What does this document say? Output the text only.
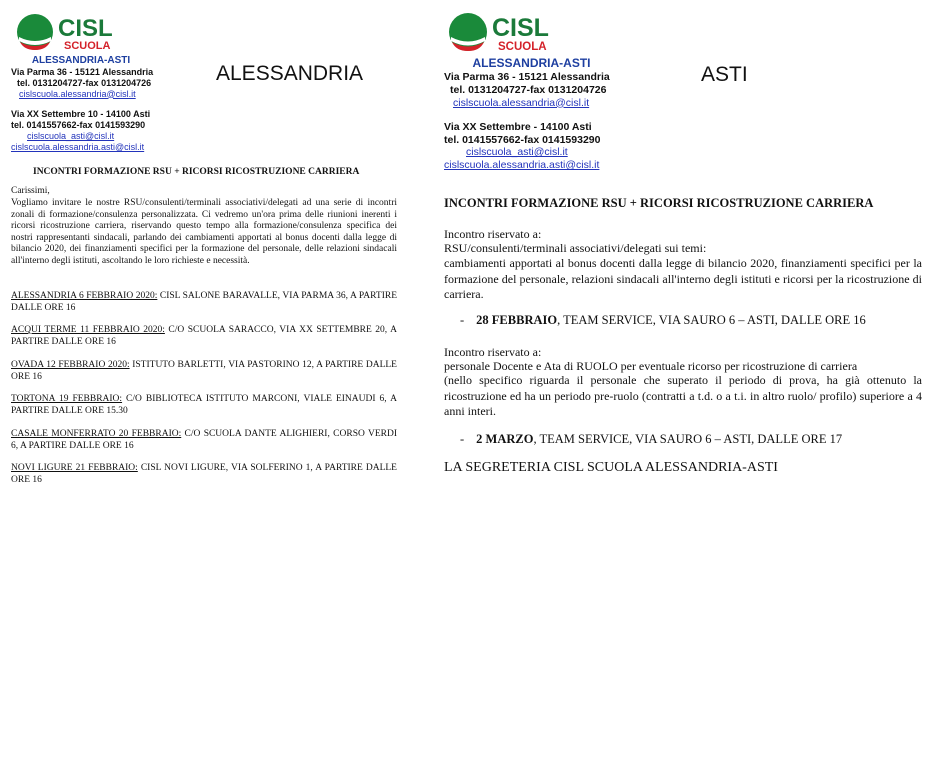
CISL
SCUOLA
ALESSANDRIA-ASTI
Via Parma 36 - 15121 Alessandria
tel. 0131204727-fax 0131204726
cislscuola.alessandria@cisl.it
Via XX Settembre 10 - 14100 Asti
tel. 0141557662-fax 0141593290
cislscuola_asti@cisl.it
cislscuola.alessandria.asti@cisl.it
ALESSANDRIA
INCONTRI FORMAZIONE RSU + RICORSI RICOSTRUZIONE CARRIERA
Carissimi,
Vogliamo invitare le nostre RSU/consulenti/terminali associativi/delegati ad una serie di incontri zonali di formazione/consulenza personalizzata. Ci vedremo un'ora prima delle riunioni inerenti i ricorsi ricostruzione carriera, riservando questo tempo alla formazione/consulenza specifica dei nostri rappresentanti sindacali, parlando dei cambiamenti apportati al bonus docenti dalla legge di bilancio 2020, dei finanziamenti specifici per la formazione del personale, delle relazioni sindacali all'interno degli istituti, ascoltando le loro richieste e necessità.
ALESSANDRIA 6 FEBBRAIO 2020: CISL SALONE BARAVALLE, VIA PARMA 36, A PARTIRE DALLE ORE 16
ACQUI TERME 11 FEBBRAIO 2020: C/O SCUOLA SARACCO, VIA XX SETTEMBRE 20, A PARTIRE DALLE ORE 16
OVADA 12 FEBBRAIO 2020: ISTITUTO BARLETTI, VIA PASTORINO 12, A PARTIRE DALLE ORE 16
TORTONA 19 FEBBRAIO: C/O BIBLIOTECA ISTITUTO MARCONI, VIALE EINAUDI 6, A PARTIRE DALLE ORE 15.30
CASALE MONFERRATO 20 FEBBRAIO: C/O SCUOLA DANTE ALIGHIERI, CORSO VERDI 6, A PARTIRE DALLE ORE 16
NOVI LIGURE 21 FEBBRAIO: CISL NOVI LIGURE, VIA SOLFERINO 1, A PARTIRE DALLE ORE 16
CISL
SCUOLA
ALESSANDRIA-ASTI
Via Parma 36 - 15121 Alessandria
tel. 0131204727-fax 0131204726
cislscuola.alessandria@cisl.it
Via XX Settembre - 14100 Asti
tel. 0141557662-fax 0141593290
cislscuola_asti@cisl.it
cislscuola.alessandria.asti@cisl.it
ASTI
INCONTRI FORMAZIONE RSU + RICORSI RICOSTRUZIONE CARRIERA
Incontro riservato a:
RSU/consulenti/terminali associativi/delegati sui temi:
cambiamenti apportati al bonus docenti dalla legge di bilancio 2020, finanziamenti specifici per la formazione del personale, relazioni sindacali all'interno degli istituti e ricorsi per la ricostruzione di carriera.
- 28 FEBBRAIO, TEAM SERVICE, VIA SAURO 6 – ASTI, DALLE ORE 16
Incontro riservato a:
personale Docente e Ata di RUOLO per eventuale ricorso per ricostruzione di carriera
(nello specifico riguarda il personale che superato il periodo di prova, ha già ottenuto la ricostruzione ed ha un periodo pre-ruolo (contratti a t.d. o a t.i. in altro ruolo/ profilo) superiore a 4 anni interi.
- 2 MARZO, TEAM SERVICE, VIA SAURO 6 – ASTI, DALLE ORE 17
LA SEGRETERIA CISL SCUOLA ALESSANDRIA-ASTI
